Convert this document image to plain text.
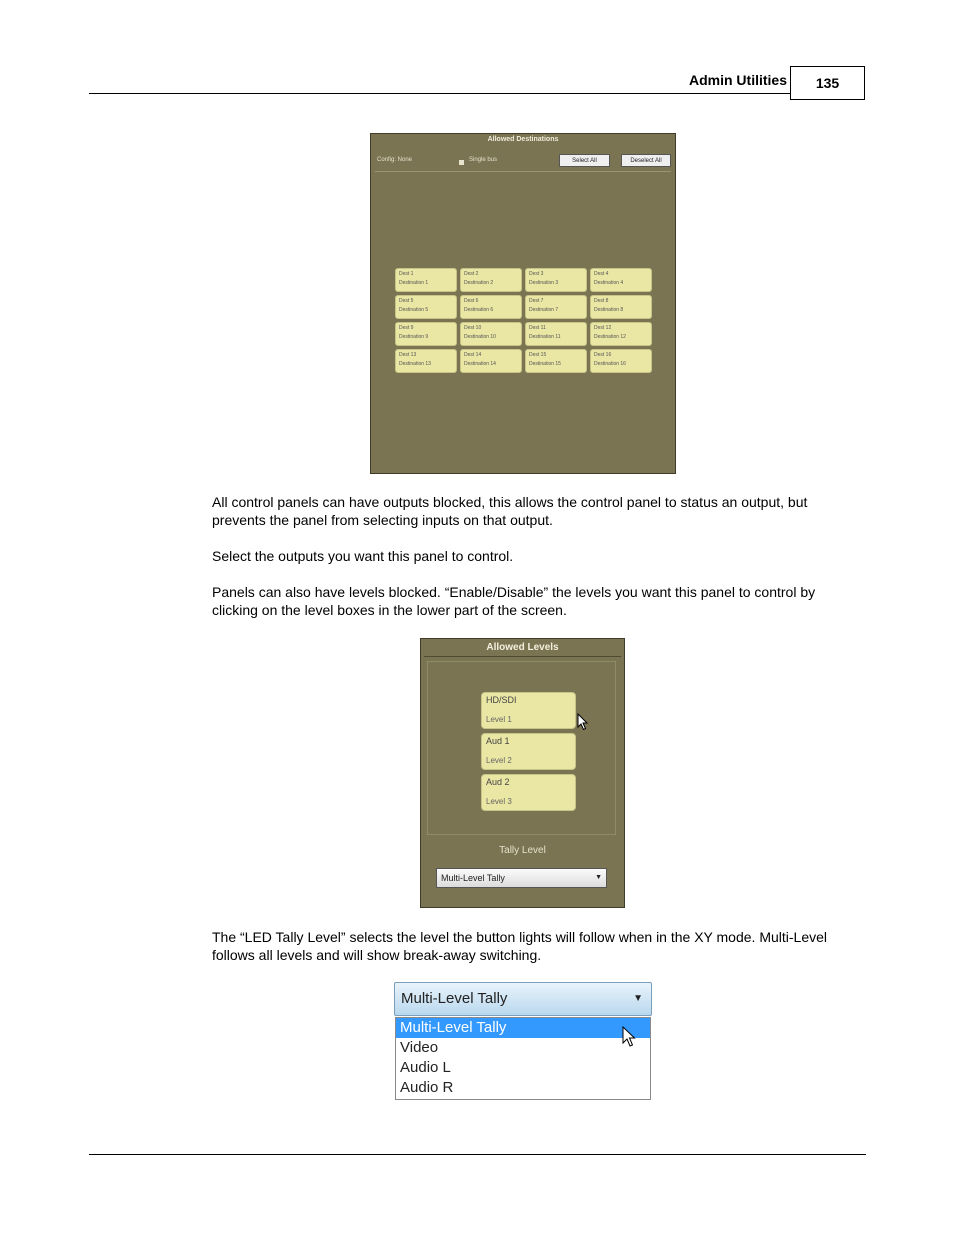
Admin Utilities	135
Allowed Destinations
Config: None	Single bus	Select All	Deselect All
Dest 1
Destination 1
Dest 2
Destination 2
Dest 3
Destination 3
Dest 4
Destination 4
Dest 5
Destination 5
Dest 6
Destination 6
Dest 7
Destination 7
Dest 8
Destination 8
Dest 9
Destination 9
Dest 10
Destination 10
Dest 11
Destination 11
Dest 12
Destination 12
Dest 13
Destination 13
Dest 14
Destination 14
Dest 15
Destination 15
Dest 16
Destination 16

All control panels can have outputs blocked, this allows the control panel to status an output, but prevents the panel from selecting inputs on that output.

Select the outputs you want this panel to control.

Panels can also have levels blocked. “Enable/Disable” the levels you want this panel to control by clicking on the level boxes in the lower part of the screen.

Allowed Levels
HD/SDI
Level 1
Aud 1
Level 2
Aud 2
Level 3
Tally Level
Multi-Level Tally	▼

The “LED Tally Level” selects the level the button lights will follow when in the XY mode. Multi-Level follows all levels and will show break-away switching.

Multi-Level Tally	▼
Multi-Level Tally
Video
Audio L
Audio R
